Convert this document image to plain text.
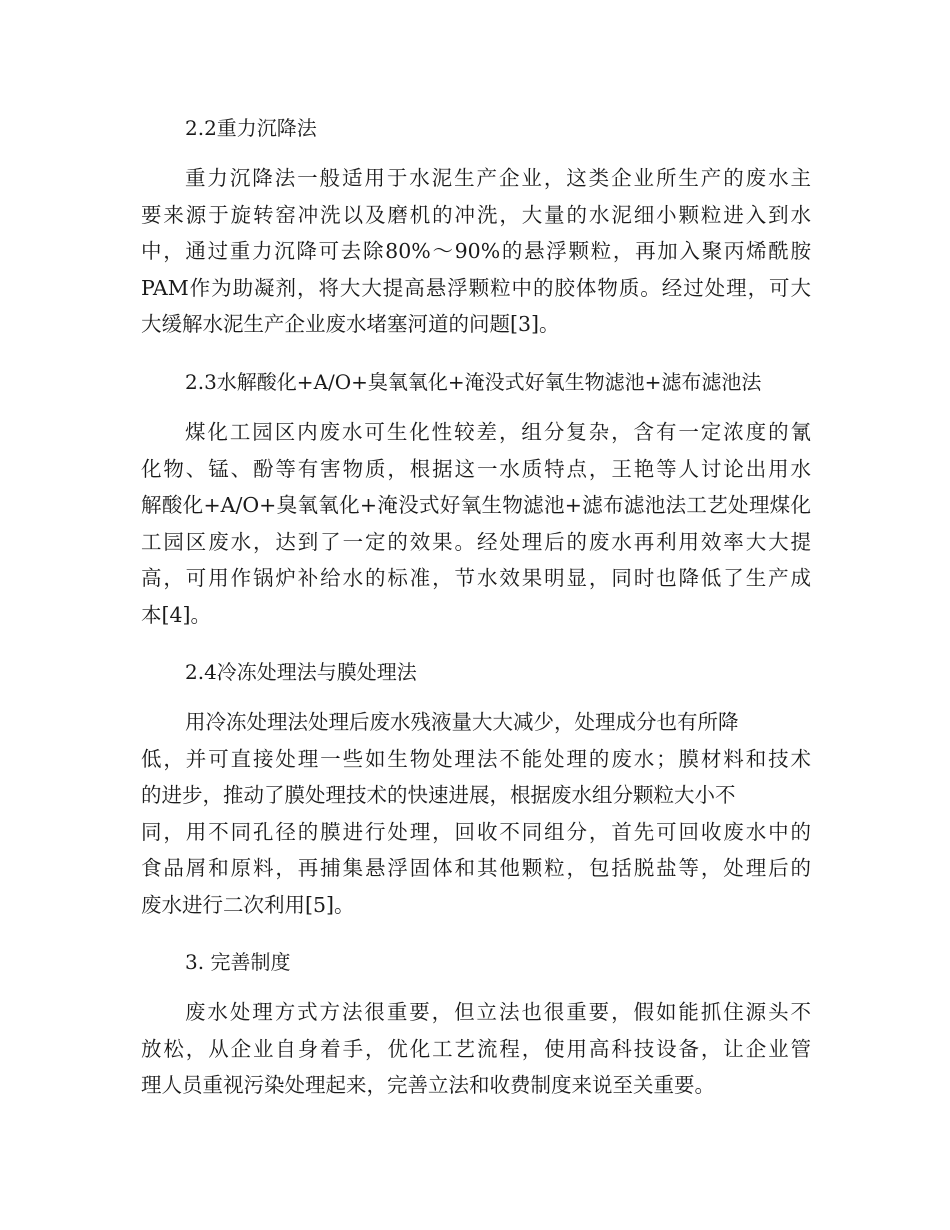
2.2重力沉降法
重力沉降法一般适用于水泥生产企业，这类企业所生产的废水主
要来源于旋转窑冲洗以及磨机的冲洗，大量的水泥细小颗粒进入到水
中，通过重力沉降可去除80%～90%的悬浮颗粒，再加入聚丙烯酰胺
PAM作为助凝剂，将大大提高悬浮颗粒中的胶体物质。经过处理，可大
大缓解水泥生产企业废水堵塞河道的问题[3]。
2.3水解酸化+A/O+臭氧氧化+淹没式好氧生物滤池+滤布滤池法
煤化工园区内废水可生化性较差，组分复杂，含有一定浓度的氰
化物、锰、酚等有害物质，根据这一水质特点，王艳等人讨论出用水
解酸化+A/O+臭氧氧化+淹没式好氧生物滤池+滤布滤池法工艺处理煤化
工园区废水，达到了一定的效果。经处理后的废水再利用效率大大提
高，可用作锅炉补给水的标准，节水效果明显，同时也降低了生产成
本[4]。
2.4冷冻处理法与膜处理法
用冷冻处理法处理后废水残液量大大减少，处理成分也有所降
低，并可直接处理一些如生物处理法不能处理的废水；膜材料和技术
的进步，推动了膜处理技术的快速进展，根据废水组分颗粒大小不
同，用不同孔径的膜进行处理，回收不同组分，首先可回收废水中的
食品屑和原料，再捕集悬浮固体和其他颗粒，包括脱盐等，处理后的
废水进行二次利用[5]。
3. 完善制度
废水处理方式方法很重要，但立法也很重要，假如能抓住源头不
放松，从企业自身着手，优化工艺流程，使用高科技设备，让企业管
理人员重视污染处理起来，完善立法和收费制度来说至关重要。
